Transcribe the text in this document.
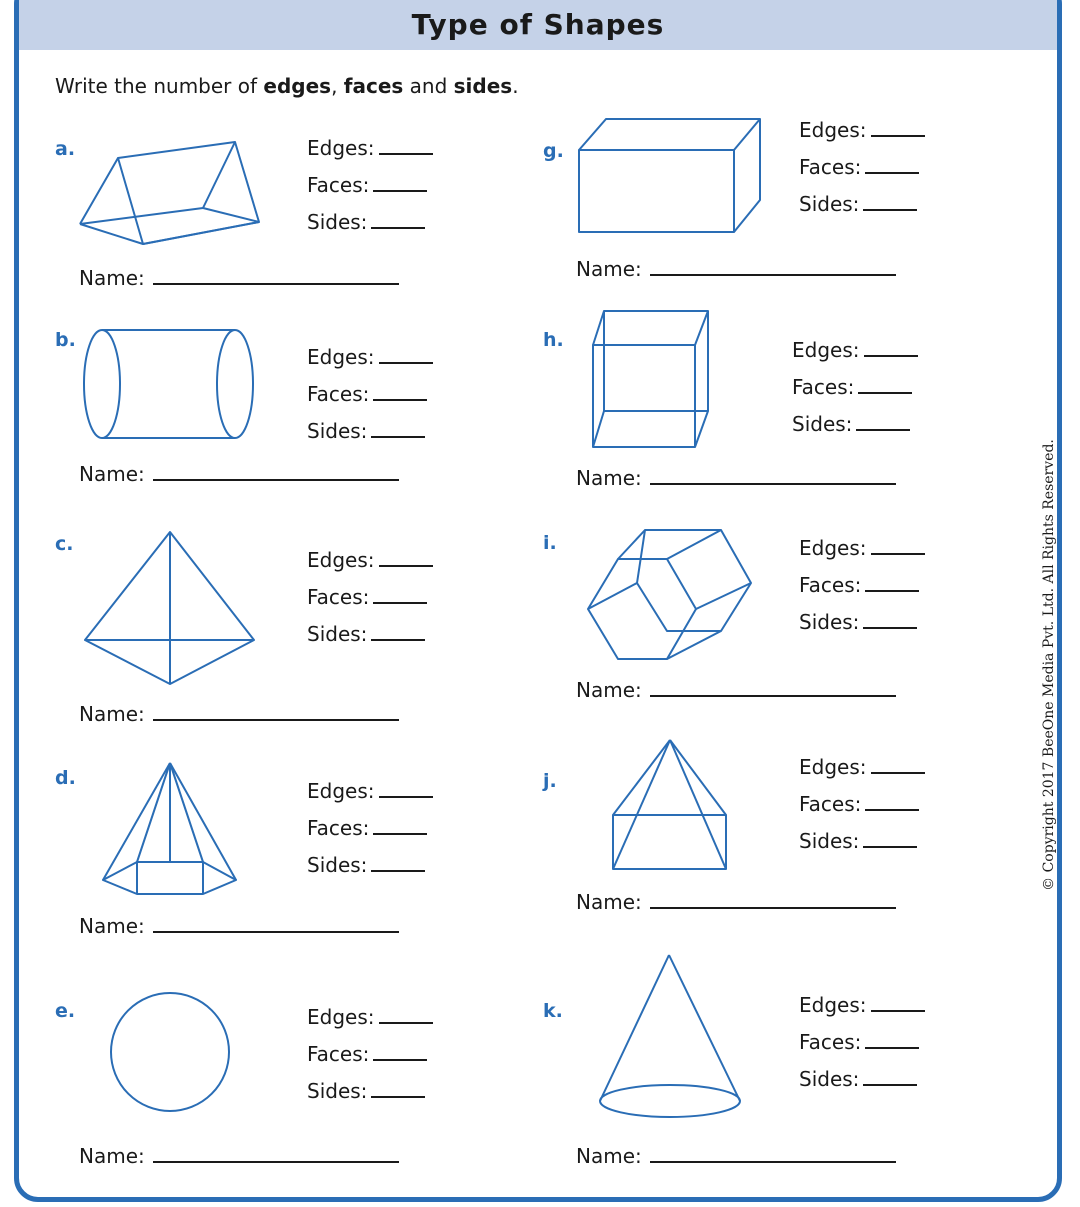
Type of Shapes
Write the number of edges, faces and sides.
a.	Edges:
Faces:
Sides:
Name:
b.
Edges:
Faces:
Sides:
Name:
c.
Edges:
Faces:
Sides:
Name:
d.
Edges:
Faces:
Sides:
Name:
e.	Edges:
Faces:
Sides:
Name:
g.
Edges:
Faces:
Sides:
Name:
h.	Edges:
Faces:
Sides:
Name:
i.	Edges:
Faces:
Sides:
Name:
j.
Edges:
Faces:
Sides:
Name:
k.	Edges:
Faces:
Sides:
Name:
© Copyright 2017 BeeOne Media Pvt. Ltd. All Rights Reserved.
